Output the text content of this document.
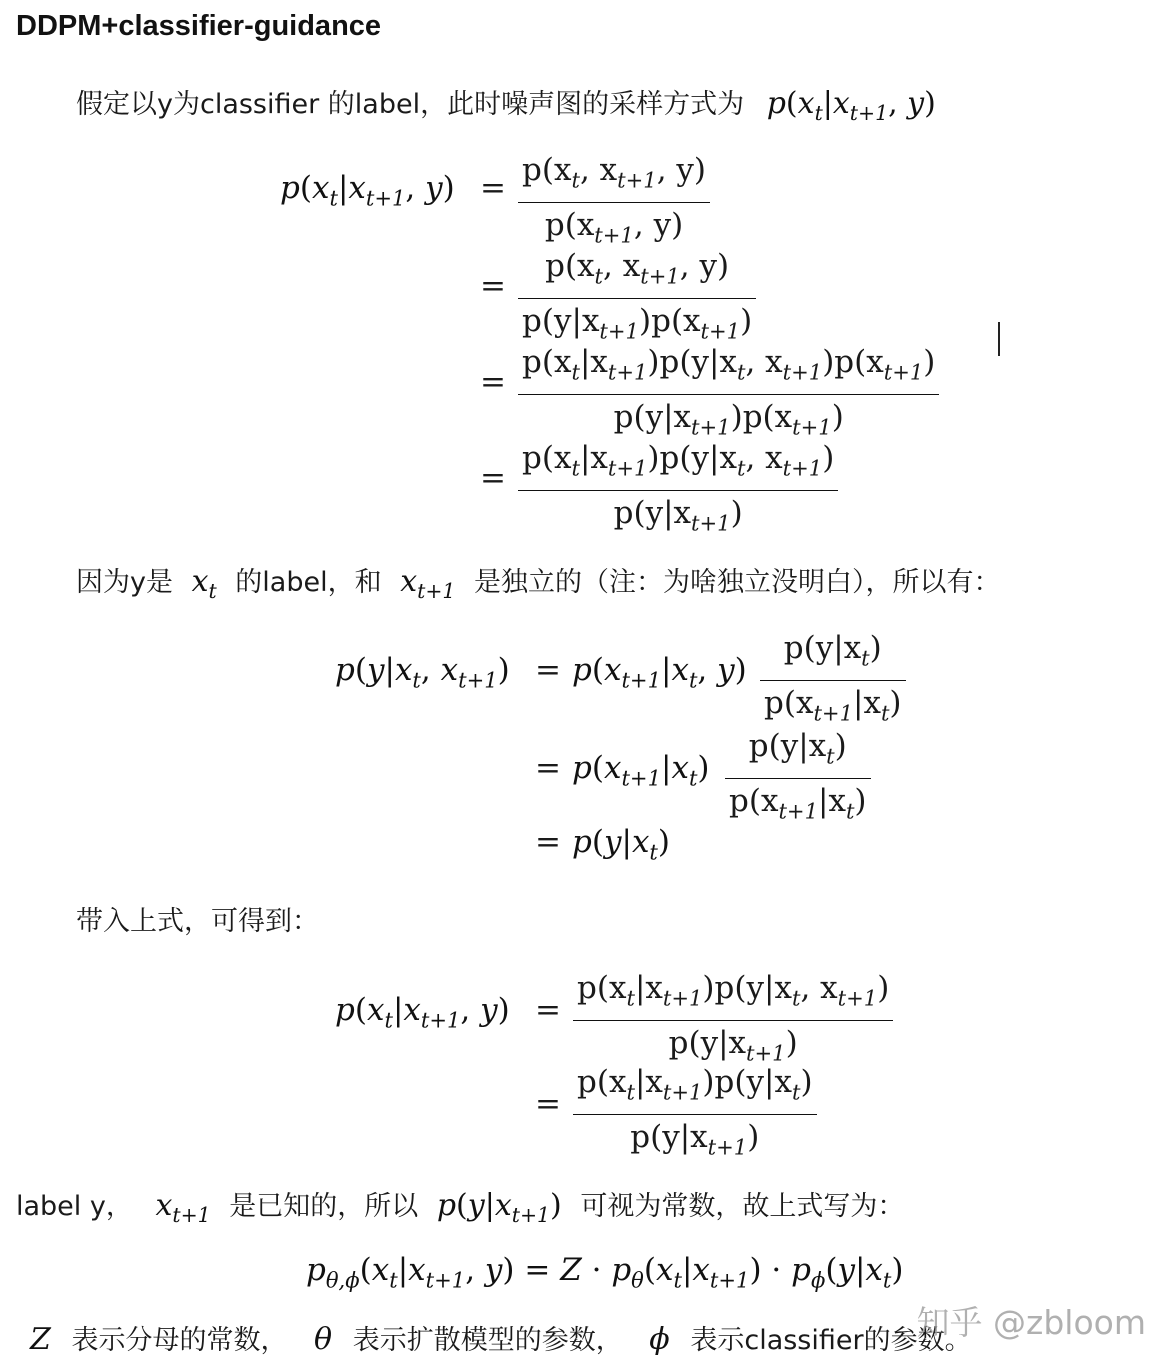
DDPM+classifier-guidance
假定以y为classifier 的label，此时噪声图的采样方式为 $p(x_t|x_{t+1}$, y)
$p(x_t|x_{t+1}$, $y) = p(x_t$, $x_{t+1}$, y)
$p(x_{t+1}$, y)
=
$p(x_t$, $x_{t+1}$, y)
$p(y|x_{t+1})p(x_{t+1})$
=
$p(x_t|x_{t+1})p(y|x_t$, $x_{t+1})p(x_{t+1})$
$p(y|x_{t+1})p(x_{t+1})$
=
$p(x_t|x_{t+1})p(y|x_t$, $x_{t+1}$)
$p(y|x_{t+1})$
因为y是 $x_t$ 的label，和 $x_{t+1}$ 是独立的（注：为啥独立没明白），所以有：
$p(y|x_t$, $x_{t+1}) = p(x_{t+1}|x_t$, y)
$p(y|x_t)$
$p(x_{t+1}|x_t)$
= $p(x_{t+1}|x_t)$
$p(y|x_t)$
$p(x_{t+1}|x_t)$
= $p(y|x_t)$
带入上式，可得到：
$p(x_t|x_{t+1}$, y) =
$p(x_t|x_{t+1})p(y|x_t$, $x_{t+1}$)
$p(y|x_{t+1})$
=
$p(x_t|x_{t+1})p(y|x_t)$
$p(y|x_{t+1})$
label y， $x_{t+1}$ 是已知的，所以 $p(y|x_{t+1})$ 可视为常数，故上式写为：
$p_{\theta,\phi}(x_t|x_{t+1}$, $y) = Z \cdot p_\theta(x_t|x_{t+1}) \cdot p_\phi(y|x_t)$
Z 表示分母的常数， θ 表示扩散模型的参数， ϕ 表示classifier的参数。
知乎 @zbloom
